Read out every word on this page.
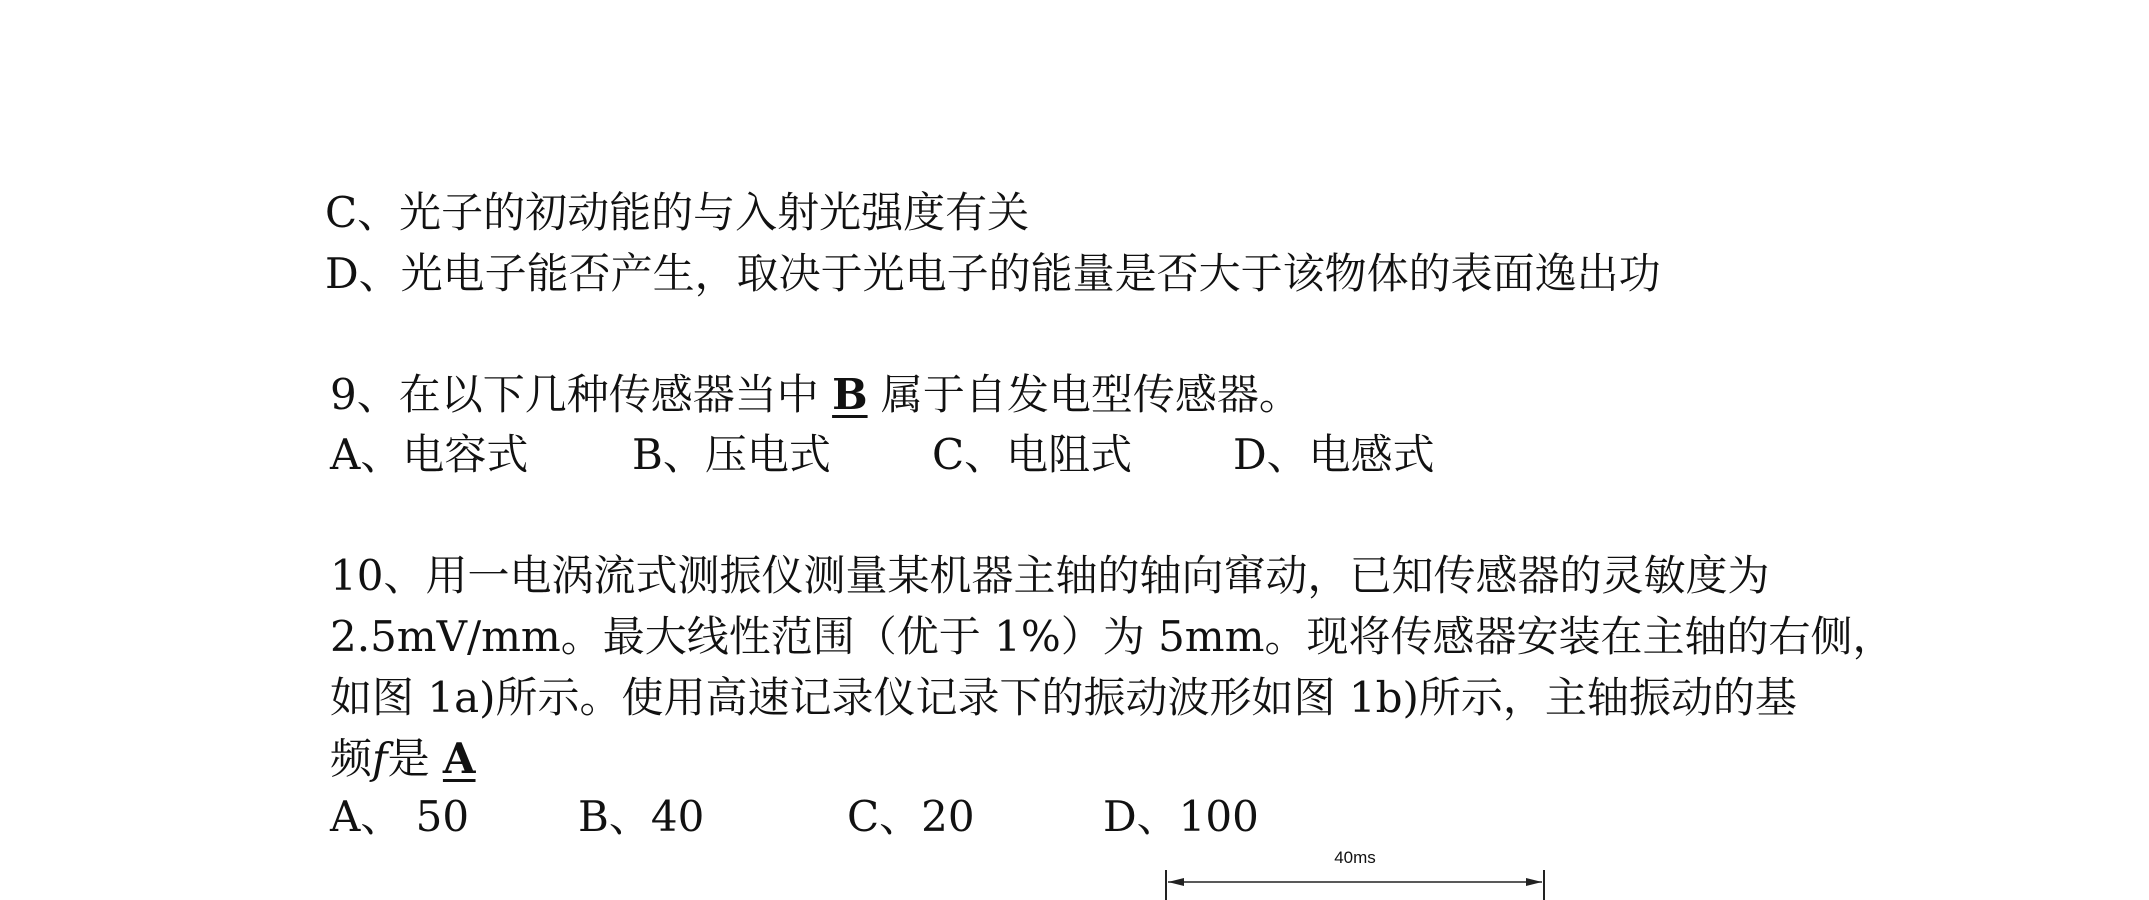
C、光子的初动能的与入射光强度有关
D、光电子能否产生，取决于光电子的能量是否大于该物体的表面逸出功
9、在以下几种传感器当中 B 属于自发电型传感器。
A、电容式 B、压电式 C、电阻式 D、电感式
10、用一电涡流式测振仪测量某机器主轴的轴向窜动，已知传感器的灵敏度为
2.5mV/mm。最大线性范围（优于 1%）为 5mm。现将传感器安装在主轴的右侧，
如图 1a)所示。使用高速记录仪记录下的振动波形如图 1b)所示，主轴振动的基
频f是 A
A、 50	B、40	C、20	D、100
40ms
